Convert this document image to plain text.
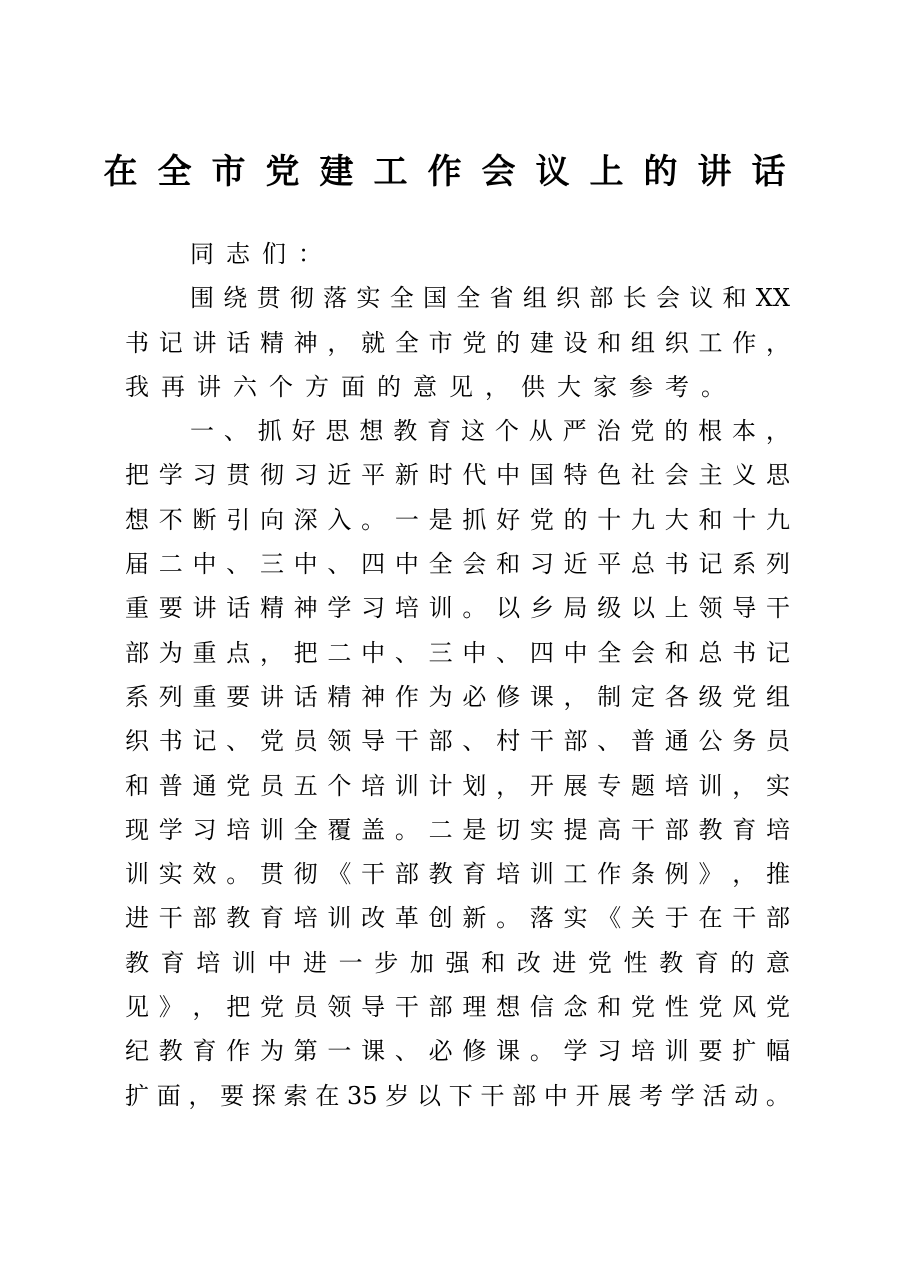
在全市党建工作会议上的讲话
同志们：
围 绕 贯 彻 落 实 全 国 全 省 组 织 部 长 会 议 和 XX
书 记 讲 话 精 神 ， 就 全 市 党 的 建 设 和 组 织 工 作 ，
我再讲六个方面的意见，供大家参考。
一 、 抓 好 思 想 教 育 这 个 从 严 治 党 的 根 本 ，
把 学 习 贯 彻 习 近 平 新 时 代 中 国 特 色 社 会 主 义 思
想 不 断 引 向 深 入 。 一 是 抓 好 党 的 十 九 大 和 十 九
届 二 中 、 三 中 、 四 中 全 会 和 习 近 平 总 书 记 系 列
重 要 讲 话 精 神 学 习 培 训 。 以 乡 局 级 以 上 领 导 干
部 为 重 点 ， 把 二 中 、 三 中 、 四 中 全 会 和 总 书 记
系 列 重 要 讲 话 精 神 作 为 必 修 课 ， 制 定 各 级 党 组
织 书 记 、 党 员 领 导 干 部 、 村 干 部 、 普 通 公 务 员
和 普 通 党 员 五 个 培 训 计 划 ， 开 展 专 题 培 训 ， 实
现 学 习 培 训 全 覆 盖 。 二 是 切 实 提 高 干 部 教 育 培
训 实 效 。 贯 彻 《 干 部 教 育 培 训 工 作 条 例 》 ， 推
进 干 部 教 育 培 训 改 革 创 新 。 落 实 《 关 于 在 干 部
教 育 培 训 中 进 一 步 加 强 和 改 进 党 性 教 育 的 意
见 》 ， 把 党 员 领 导 干 部 理 想 信 念 和 党 性 党 风 党
纪 教 育 作 为 第 一 课 、 必 修 课 。 学 习 培 训 要 扩 幅
扩 面 ， 要 探 索 在 35 岁 以 下 干 部 中 开 展 考 学 活 动 。
